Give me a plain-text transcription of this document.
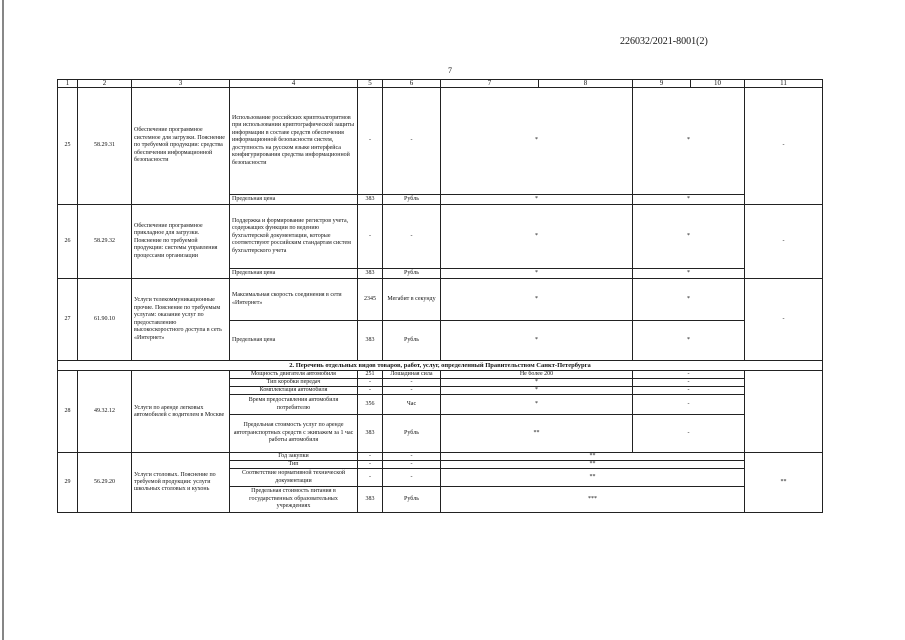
226032/2021-8001(2)
7
1	2	3	4	5	6	7	8	9	10	11
25	58.29.31	Обеспечение программное системное для загрузки. Пояснение по требуемой продукции: средства обеспечения информационной безопасности	Использование российских криптоалгоритмов при использовании криптографической защиты информации в составе средств обеспечения информационной безопасности систем, доступность на русском языке интерфейса конфигурирования средства информационной безопасности	-	-	*		*		-
			Предельная цена	383	Рубль	*		*		
26	58.29.32	Обеспечение программное прикладное для загрузки. Пояснение по требуемой продукции: системы управления процессами организации	Поддержка и формирование регистров учета, содержащих функции по ведению бухгалтерской документации, которые соответствуют российским стандартам систем бухгалтерского учета	-	-	*		*		-
			Предельная цена	383	Рубль	*		*		
27	61.90.10	Услуги телекоммуникационные прочие. Пояснение по требуемым услугам: оказание услуг по предоставлению высокоскоростного доступа в сеть «Интернет»	Максимальная скорость соединения в сети «Интернет»	2345	Мегабит в секунду	*		*		-
			Предельная цена	383	Рубль	*		*		
2. Перечень отдельных видов товаров, работ, услуг, определенный Правительством Санкт-Петербурга										
28	49.32.12	Услуги по аренде легковых автомобилей с водителем в Москве	Мощность двигателя автомобиля	251	Лошадиная сила	Не более 200		-		
			Тип коробки передач	-	-	*		-		
			Комплектация автомобиля	-	-	*		-		
			Время предоставления автомобиля потребителю	356	Час	*		-		
			Предельная стоимость услуг по аренде автотранспортных средств с экипажем за 1 час работы автомобиля	383	Рубль	**		-		
29	56.29.20	Услуги столовых. Пояснение по требуемой продукции: услуги школьных столовых и кухонь	Год закупки	-	-	**				**
			Тип	-	-	**				
			Соответствие нормативной технической документации	-	-	**				
			Предельная стоимость питания в государственных образовательных учреждениях	383	Рубль	***				
